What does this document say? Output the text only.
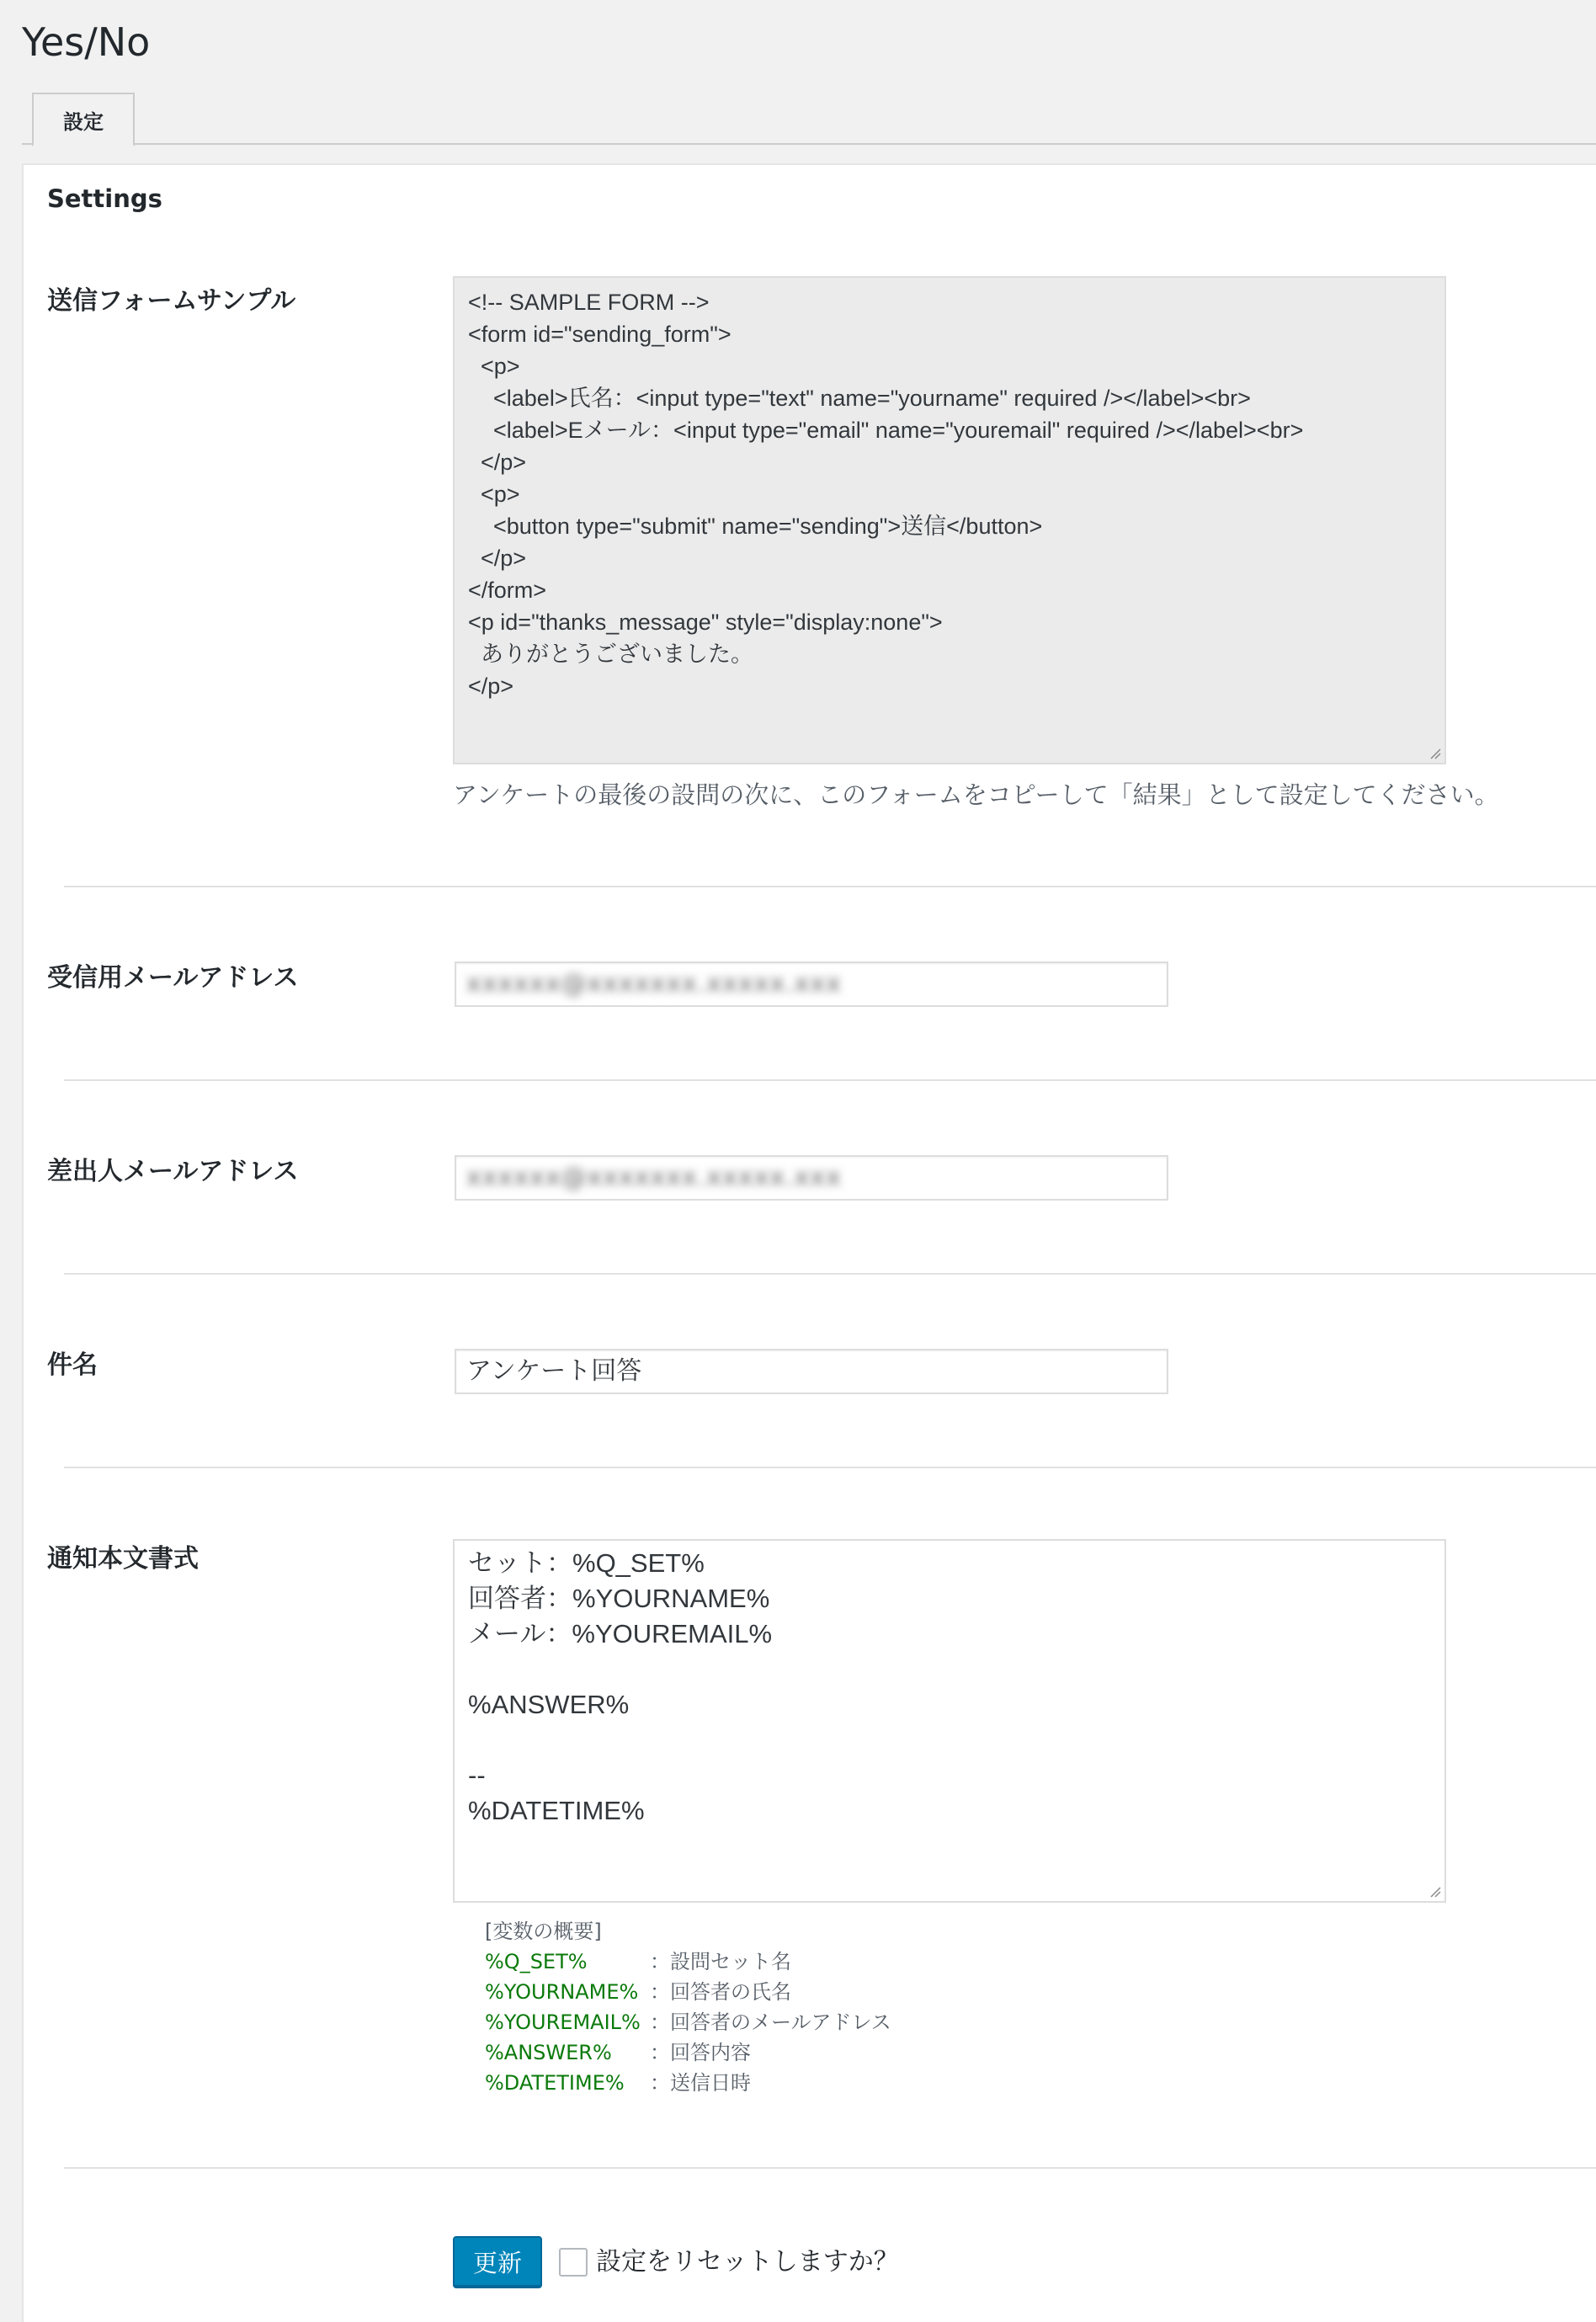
Yes/No
設定
Settings
送信フォームサンプル	<!-- SAMPLE FORM -->
<form id="sending_form">
<p>
<label>氏名：<input type="text" name="yourname" required /></label><br>
<label>Eメール：<input type="email" name="youremail" required /></label><br>
</p>
<p>
<button type="submit" name="sending">送信</button>
</p>
</form>
<p id="thanks_message" style="display:none">
ありがとうございました。
</p>
アンケートの最後の設問の次に、このフォームをコピーして「結果」として設定してください。
受信用メールアドレス	xxxxxx@xxxxxxx.xxxxx.xxx
差出人メールアドレス	xxxxxx@xxxxxxx.xxxxx.xxx
件名	アンケート回答
通知本文書式	セット：%Q_SET%
回答者：%YOURNAME%
メール：%YOUREMAIL%

%ANSWER%

--
%DATETIME%
[変数の概要]
%Q_SET%	：設問セット名
%YOURNAME% ：回答者の氏名
%YOUREMAIL% ：回答者のメールアドレス
%ANSWER%	：回答内容
%DATETIME%	：送信日時
更新	設定をリセットしますか？
